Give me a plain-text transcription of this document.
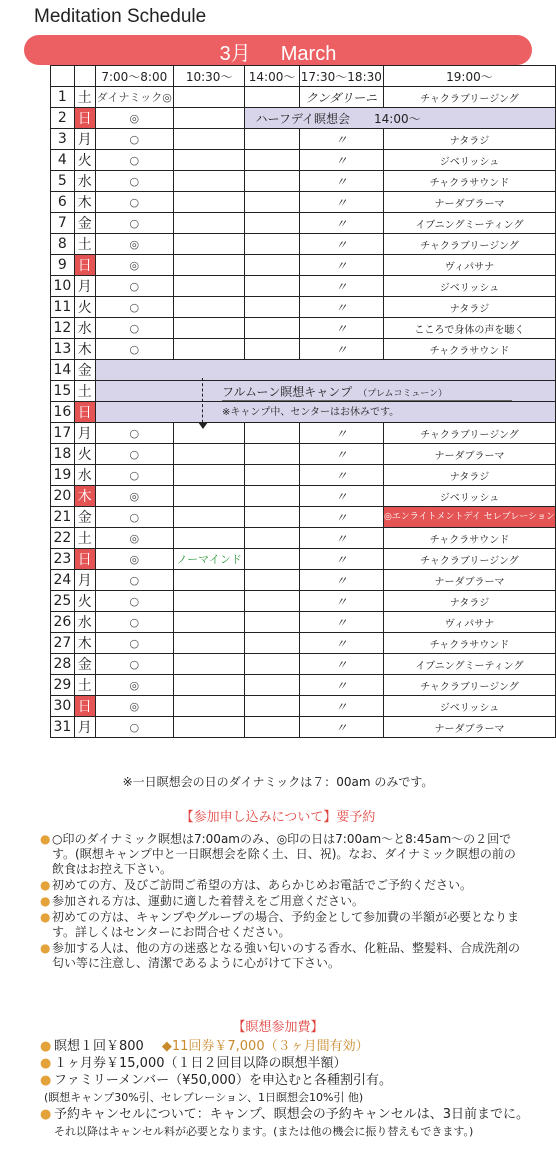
Meditation Schedule
3月 March
		7:00～8:00	10:30～	14:00～	17:30～18:30	19:00～
1	土	ダイナミック◎			クンダリーニ	チャクラブリージング
2	日	◎		ハーフデイ瞑想会　　14:00～		
3	月	○			〃	ナタラジ
4	火	○			〃	ジベリッシュ
5	水	○			〃	チャクラサウンド
6	木	○			〃	ナーダブラーマ
7	金	○			〃	イブニングミーティング
8	土	◎			〃	チャクラブリージング
9	日	◎			〃	ヴィパサナ
10	月	○			〃	ジベリッシュ
11	火	○			〃	ナタラジ
12	水	○			〃	こころで身体の声を聴く
13	木	○			〃	チャクラサウンド
14	金					
15	土					
16	日					
17	月	○			〃	チャクラブリージング
18	火	○			〃	ナーダブラーマ
19	水	○			〃	ナタラジ
20	木	◎			〃	ジベリッシュ
21	金	○			〃	◎エンライトメントデイ セレブレーション
22	土	◎			〃	チャクラサウンド
23	日	◎	ノーマインド		〃	チャクラブリージング
24	月	○			〃	ナーダブラーマ
25	火	○			〃	ナタラジ
26	水	○			〃	ヴィパサナ
27	木	○			〃	チャクラサウンド
28	金	○			〃	イブニングミーティング
29	土	◎			〃	チャクラブリージング
30	日	◎			〃	ジベリッシュ
31	月	○			〃	ナーダブラーマ
フルムーン瞑想キャンプ （プレムコミューン）
※キャンプ中、センターはお休みです。
※一日瞑想会の日のダイナミックは７：00am のみです。
【参加申し込みについて】要予約
● ○印のダイナミック瞑想は7:00amのみ、◎印の日は7:00am～と8:45am～の２回です。(瞑想キャンプ中と一日瞑想会を除く土、日、祝)。なお、ダイナミック瞑想の前の飲食はお控え下さい。
● 初めての方、及びご訪問ご希望の方は、あらかじめお電話でご予約ください。
● 参加される方は、運動に適した着替えをご用意ください。
● 初めての方は、キャンプやグループの場合、予約金として参加費の半額が必要となります。詳しくはセンターにお問合せください。
● 参加する人は、他の方の迷惑となる強い匂いのする香水、化粧品、整髪料、合成洗剤の匂い等に注意し、清潔であるように心がけて下さい。
【瞑想参加費】
● 瞑想１回￥800 ◆11回券￥7,000（３ヶ月間有効）
● １ヶ月券￥15,000（１日２回目以降の瞑想半額）
● ファミリーメンバー（¥50,000）を申込むと各種割引有。
(瞑想キャンプ30%引、セレブレーション、1日瞑想会10%引 他)
● 予約キャンセルについて：キャンプ、瞑想会の予約キャンセルは、3日前までに。
それ以降はキャンセル料が必要となります。(または他の機会に振り替えもできます。)
